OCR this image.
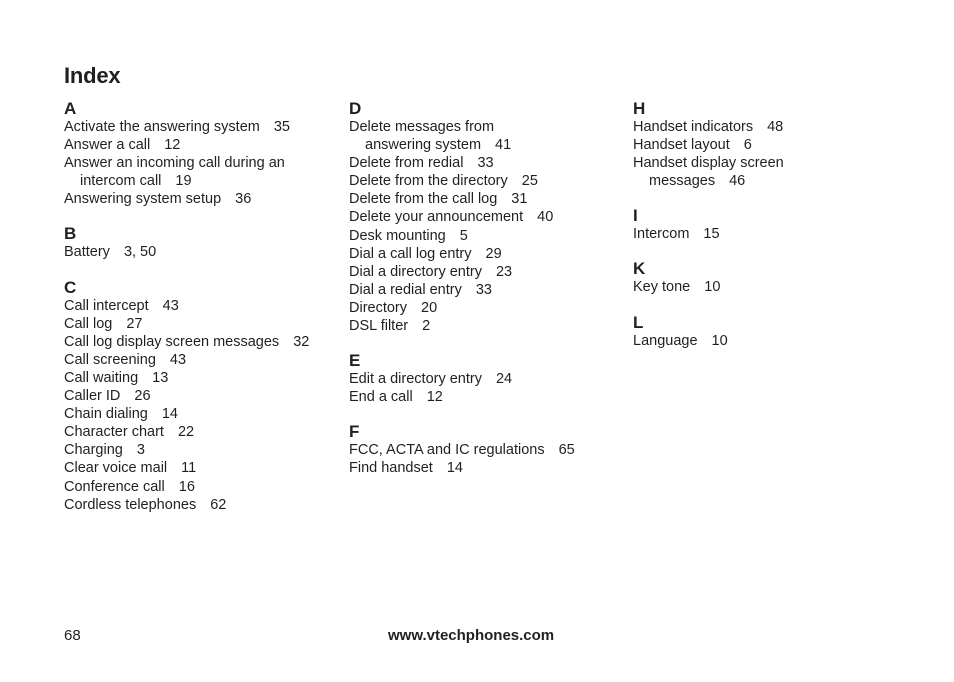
Index
A
Activate the answering system 35
Answer a call 12
Answer an incoming call during an
intercom call 19
Answering system setup 36
B
Battery 3, 50
C
Call intercept 43
Call log 27
Call log display screen messages 32
Call screening 43
Call waiting 13
Caller ID 26
Chain dialing 14
Character chart 22
Charging 3
Clear voice mail 11
Conference call 16
Cordless telephones 62
D
Delete messages from
answering system 41
Delete from redial 33
Delete from the directory 25
Delete from the call log 31
Delete your announcement 40
Desk mounting 5
Dial a call log entry 29
Dial a directory entry 23
Dial a redial entry 33
Directory 20
DSL filter 2
E
Edit a directory entry 24
End a call 12
F
FCC, ACTA and IC regulations 65
Find handset 14
H
Handset indicators 48
Handset layout 6
Handset display screen
messages 46
I
Intercom 15
K
Key tone 10
L
Language 10
68	www.vtechphones.com
